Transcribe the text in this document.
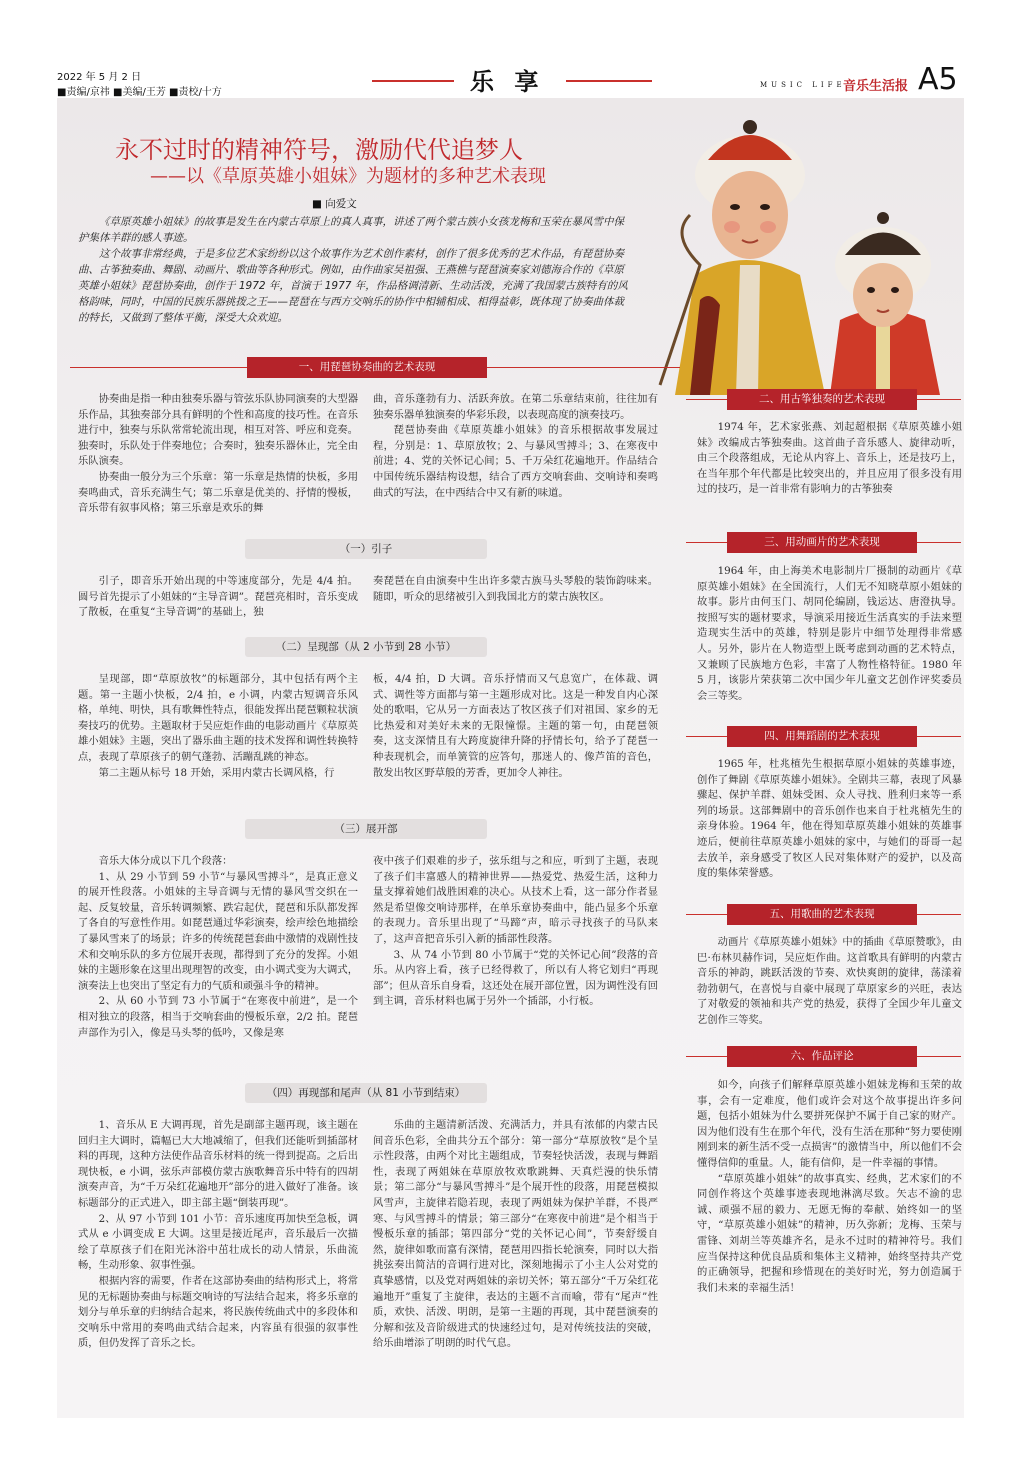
2022 年 5 月 2 日
■责编/京祎 ■美编/王芳 ■责校/十方	乐 享	MUSIC LIFE
音乐生活报 A5
永不过时的精神符号，激励代代追梦人
——以《草原英雄小姐妹》为题材的多种艺术表现
■ 向爱文

《草原英雄小姐妹》的故事是发生在内蒙古草原上的真人真事，讲述了两个蒙古族小女孩龙梅和玉荣在暴风雪中保护集体羊群的感人事迹。

这个故事非常经典，于是多位艺术家纷纷以这个故事作为艺术创作素材，创作了很多优秀的艺术作品，有琵琶协奏曲、古筝独奏曲、舞剧、动画片、歌曲等各种形式。例如，由作曲家吴祖强、王燕樵与琵琶演奏家刘德海合作的《草原英雄小姐妹》琵琶协奏曲，创作于 1972 年，首演于 1977 年，作品格调清新、生动活泼，充满了我国蒙古族特有的风格韵味，同时，中国的民族乐器挑拨之王——琵琶在与西方交响乐的协作中相辅相成、相得益彰，既体现了协奏曲体裁的特长，又做到了整体平衡，深受大众欢迎。

一、用琵琶协奏曲的艺术表现

协奏曲是指一种由独奏乐器与管弦乐队协同演奏的大型器乐作品，其独奏部分具有鲜明的个性和高度的技巧性。在音乐进行中，独奏与乐队常常轮流出现，相互对答、呼应和竞奏。独奏时，乐队处于伴奏地位；合奏时，独奏乐器休止，完全由乐队演奏。

协奏曲一般分为三个乐章：第一乐章是热情的快板，多用奏鸣曲式，音乐充满生气；第二乐章是优美的、抒情的慢板，音乐带有叙事风格；第三乐章是欢乐的舞

曲，音乐蓬勃有力、活跃奔放。在第二乐章结束前，往往加有独奏乐器单独演奏的华彩乐段，以表现高度的演奏技巧。

琵琶协奏曲《草原英雄小姐妹》的音乐根据故事发展过程，分别是：1、草原放牧；2、与暴风雪搏斗；3、在寒夜中前进；4、党的关怀记心间；5、千万朵红花遍地开。作品结合中国传统乐器结构设想，结合了西方交响套曲、交响诗和奏鸣曲式的写法，在中西结合中又有新的味道。

（一）引子

引子，即音乐开始出现的中等速度部分，先是 4/4 拍。圆号首先提示了小姐妹的“主导音调”。琵琶亮相时，音乐变成了散板，在重复“主导音调”的基础上，独

奏琵琶在自由演奏中生出许多蒙古族马头琴般的装饰韵味来。随即，听众的思绪被引入到我国北方的蒙古族牧区。

（二）呈现部（从 2 小节到 28 小节）

呈现部，即“草原放牧”的标题部分，其中包括有两个主题。第一主题小快板，2/4 拍，e 小调，内蒙古短调音乐风格，单纯、明快，具有歌舞性特点，很能发挥出琵琶颗粒状演奏技巧的优势。主题取材于吴应炬作曲的电影动画片《草原英雄小姐妹》主题，突出了器乐曲主题的技术发挥和调性转换特点，表现了草原孩子的朝气蓬勃、活蹦乱跳的神态。

第二主题从标号 18 开始，采用内蒙古长调风格，行

板，4/4 拍，D 大调。音乐抒情而又气息宽广，在体裁、调式、调性等方面都与第一主题形成对比。这是一种发自内心深处的歌唱，它从另一方面表达了牧区孩子们对祖国、家乡的无比热爱和对美好未来的无限憧憬。主题的第一句，由琵琶领奏，这支深情且有大跨度旋律升降的抒情长句，给予了琵琶一种表现机会，而单簧管的应答句，那迷人的、像芦笛的音色，散发出牧区野草般的芳香，更加令人神往。

（三）展开部

音乐大体分成以下几个段落：

1、从 29 小节到 59 小节“与暴风雪搏斗”，是真正意义的展开性段落。小姐妹的主导音调与无情的暴风雪交织在一起、反复较量，音乐转调频繁、跌宕起伏，琵琶和乐队都发挥了各自的写意性作用。如琵琶通过华彩演奏，绘声绘色地描绘了暴风雪来了的场景；许多的传统琵琶套曲中激情的戏剧性技术和交响乐队的多方位展开表现，都得到了充分的发挥。小姐妹的主题形象在这里出现理智的改变，由小调式变为大调式，演奏法上也突出了坚定有力的气质和顽强斗争的精神。

2、从 60 小节到 73 小节属于“在寒夜中前进”，是一个相对独立的段落，相当于交响套曲的慢板乐章，2/2 拍。琵琶声部作为引入，像是马头琴的低吟，又像是寒

夜中孩子们艰难的步子，弦乐组与之和应，听到了主题，表现了孩子们丰富感人的精神世界——热爱党、热爱生活，这种力量支撑着她们战胜困难的决心。从技术上看，这一部分作者显然是希望像交响诗那样，在单乐章协奏曲中，能凸显多个乐章的表现力。音乐里出现了“马蹄”声，暗示寻找孩子的马队来了，这声音把音乐引入新的插部性段落。

3、从 74 小节到 80 小节属于“党的关怀记心间”段落的音乐。从内容上看，孩子已经得救了，所以有人将它划归“再现部”；但从音乐自身看，这还处在展开部位置，因为调性没有回到主调，音乐材料也属于另外一个插部，小行板。

（四）再现部和尾声（从 81 小节到结束）

1、音乐从 E 大调再现，首先是副部主题再现，该主题在回归主大调时，篇幅已大大地减缩了，但我们还能听到插部材料的再现，这种方法使作品音乐材料的统一得到提高。之后出现快板，e 小调，弦乐声部模仿蒙古族歌舞音乐中特有的四胡演奏声音，为“千万朵红花遍地开”部分的进入做好了准备。该标题部分的正式进入，即主部主题“倒装再现”。

2、从 97 小节到 101 小节：音乐速度再加快至急板，调式从 e 小调变成 E 大调。这里是接近尾声，音乐最后一次描绘了草原孩子们在阳光沐浴中茁壮成长的动人情景，乐曲流畅，生动形象、叙事性强。

根据内容的需要，作者在这部协奏曲的结构形式上，将常见的无标题协奏曲与标题交响诗的写法结合起来，将多乐章的划分与单乐章的归纳结合起来，将民族传统曲式中的多段体和交响乐中常用的奏鸣曲式结合起来，内容虽有很强的叙事性质，但仍发挥了音乐之长。

乐曲的主题清新活泼、充满活力，并具有浓郁的内蒙古民间音乐色彩，全曲共分五个部分：第一部分“草原放牧”是个呈示性段落，由两个对比主题组成，节奏轻快活泼，表现与舞蹈性，表现了两姐妹在草原放牧欢歌跳舞、天真烂漫的快乐情景；第二部分“与暴风雪搏斗”是个展开性的段落，用琵琶模拟风雪声，主旋律若隐若现，表现了两姐妹为保护羊群，不畏严寒、与风雪搏斗的情景；第三部分“在寒夜中前进”是个相当于慢板乐章的插部；第四部分“党的关怀记心间”，节奏舒缓自然，旋律如歌而富有深情，琵琶用四指长轮演奏，同时以大指挑弦奏出简洁的音调行进对比，深刻地揭示了小主人公对党的真挚感情，以及党对两姐妹的亲切关怀；第五部分“千万朵红花遍地开”重复了主旋律，表达的主题不言而喻，带有“尾声”性质，欢快、活泼、明朗，是第一主题的再现，其中琵琶演奏的分解和弦及音阶级进式的快速经过句，是对传统技法的突破，给乐曲增添了明朗的时代气息。

二、用古筝独奏的艺术表现

1974 年，艺术家张燕、刘起超根据《草原英雄小姐妹》改编成古筝独奏曲。这首曲子音乐感人、旋律动听，由三个段落组成，无论从内容上、音乐上，还是技巧上，在当年那个年代都是比较突出的，并且应用了很多没有用过的技巧，是一首非常有影响力的古筝独奏

三、用动画片的艺术表现

1964 年，由上海美术电影制片厂摄制的动画片《草原英雄小姐妹》在全国流行，人们无不知晓草原小姐妹的故事。影片由何玉门、胡同伦编剧，钱运达、唐澄执导。按照写实的题材要求，导演采用接近生活真实的手法来塑造现实生活中的英雄，特别是影片中细节处理得非常感人。另外，影片在人物造型上既考虑到动画的艺术特点，又兼顾了民族地方色彩，丰富了人物性格特征。1980 年 5 月，该影片荣获第二次中国少年儿童文艺创作评奖委员会三等奖。

四、用舞蹈剧的艺术表现

1965 年，杜兆植先生根据草原小姐妹的英雄事迹，创作了舞剧《草原英雄小姐妹》。全剧共三幕，表现了风暴骤起、保护羊群、姐妹受困、众人寻找、胜利归来等一系列的场景。这部舞剧中的音乐创作也来自于杜兆植先生的亲身体验。1964 年，他在得知草原英雄小姐妹的英雄事迹后，便前往草原英雄小姐妹的家中，与她们的哥哥一起去放羊，亲身感受了牧区人民对集体财产的爱护，以及高度的集体荣誉感。

五、用歌曲的艺术表现

动画片《草原英雄小姐妹》中的插曲《草原赞歌》，由巴·布林贝赫作词，吴应炬作曲。这首歌具有鲜明的内蒙古音乐的神韵，跳跃活泼的节奏、欢快爽朗的旋律，荡漾着勃勃朝气，在喜悦与自豪中展现了草原家乡的兴旺，表达了对敬爱的领袖和共产党的热爱，获得了全国少年儿童文艺创作三等奖。

六、作品评论

如今，向孩子们解释草原英雄小姐妹龙梅和玉荣的故事，会有一定难度，他们或许会对这个故事提出许多问题，包括小姐妹为什么要拼死保护不属于自己家的财产。因为他们没有生在那个年代，没有生活在那种“努力要使刚刚到来的新生活不受一点损害”的激情当中，所以他们不会懂得信仰的重量。人，能有信仰，是一件幸福的事情。

“草原英雄小姐妹”的故事真实、经典，艺术家们的不同创作将这个英雄事迹表现地淋漓尽致。矢志不渝的忠诚、顽强不屈的毅力、无愿无悔的奉献、始终如一的坚守，“草原英雄小姐妹”的精神，历久弥新；龙梅、玉荣与雷锋、刘胡兰等英雄齐名，是永不过时的精神符号。我们应当保持这种优良品质和集体主义精神，始终坚持共产党的正确领导，把握和珍惜现在的美好时光，努力创造属于我们未来的幸福生活！
